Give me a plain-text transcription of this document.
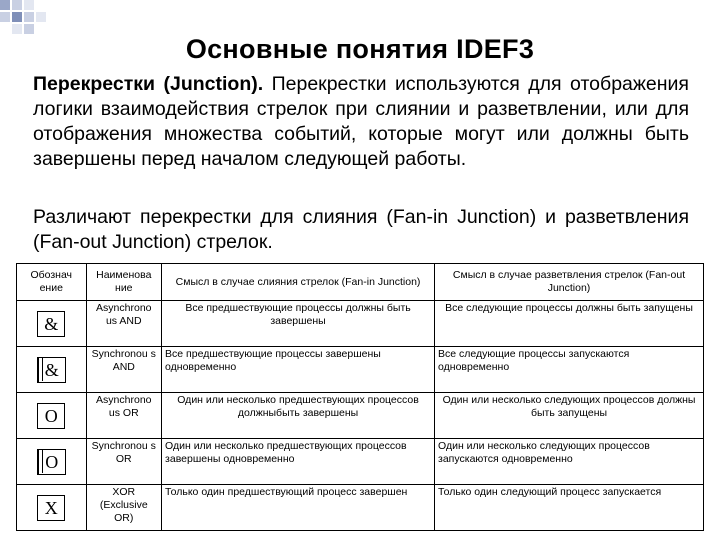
Основные понятия IDEF3

Перекрестки (Junction). Перекрестки используются для отображения логики взаимодействия стрелок при слиянии и разветвлении, или для отображения множества событий, которые могут или должны быть завершены перед началом следующей работы.

Различают перекрестки для слияния (Fan-in Junction) и разветвления (Fan-out Junction) стрелок.

Обознач ение	Наименова ние	Смысл в случае слияния стрелок (Fan-in Junction)	Смысл в случае разветвления стрелок (Fan-out Junction)
&	Asynchrono us AND	Все предшествующие процессы должны быть завершены	Все следующие процессы должны быть запущены
&	Synchronou s AND	Все предшествующие процессы завершены одновременно	Все следующие процессы запускаются одновременно
O	Asynchrono us OR	Один или несколько предшествующих процессов должныбыть завершены	Один или несколько следующих процессов должны быть запущены
O	Synchronou s OR	Один или несколько предшествующих процессов завершены одновременно	Один или несколько следующих процессов запускаются одновременно
X	XOR (Exclusive OR)	Только один предшествующий процесс завершен	Только один следующий процесс запускается
